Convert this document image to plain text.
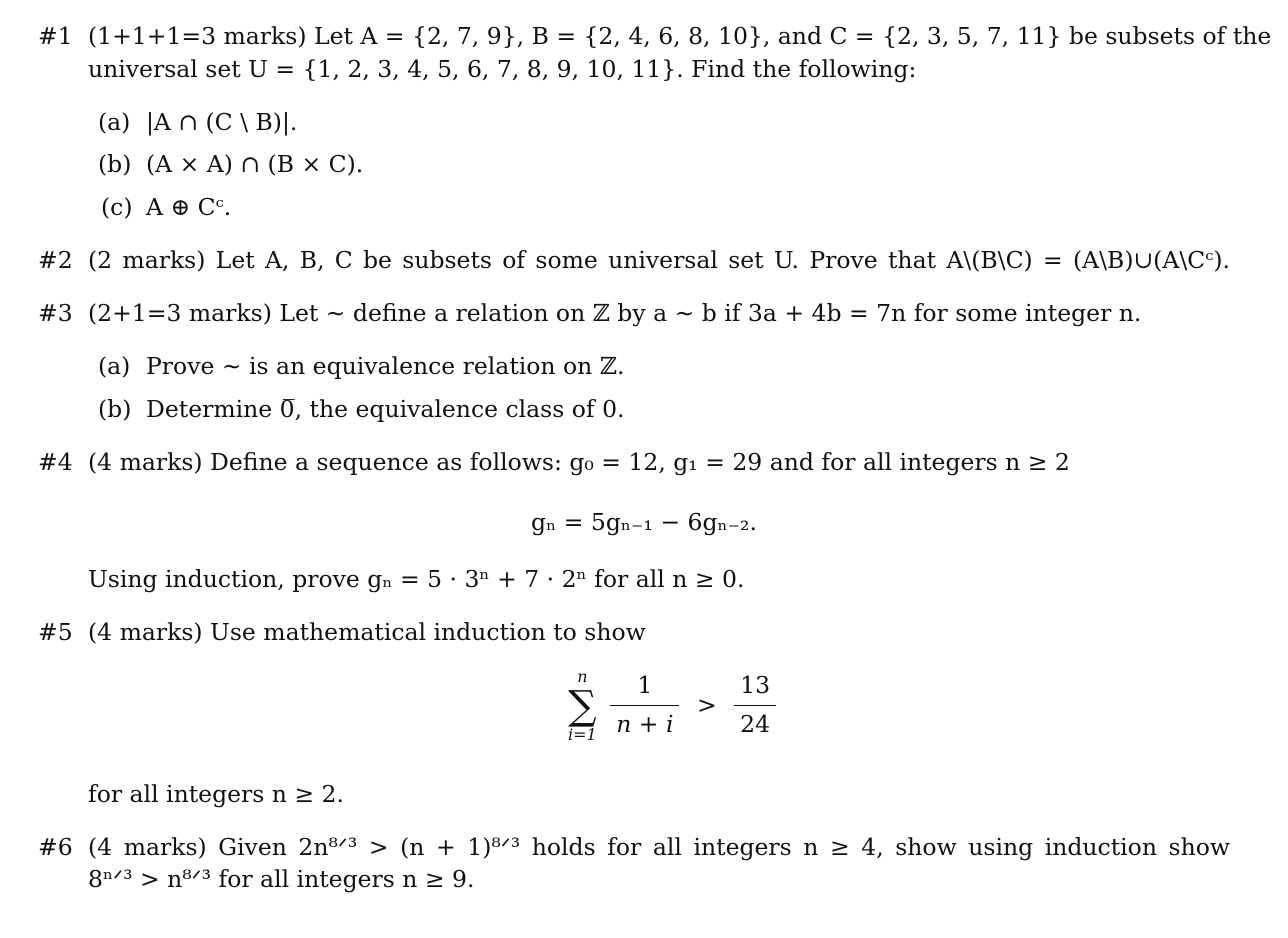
#1 (1+1+1=3 marks) Let A = {2, 7, 9}, B = {2, 4, 6, 8, 10}, and C = {2, 3, 5, 7, 11} be subsets of the
universal set U = {1, 2, 3, 4, 5, 6, 7, 8, 9, 10, 11}. Find the following:
(a) |A ∩ (C \ B)|.
(b) (A × A) ∩ (B × C).
(c) A ⊕ Cᶜ.
#2 (2 marks) Let A, B, C be subsets of some universal set U. Prove that A\(B\C) = (A\B)∪(A\Cᶜ).
#3 (2+1=3 marks) Let ∼ define a relation on ℤ by a ∼ b if 3a + 4b = 7n for some integer n.
(a) Prove ∼ is an equivalence relation on ℤ.
(b) Determine 0̅, the equivalence class of 0.
#4 (4 marks) Define a sequence as follows: g₀ = 12, g₁ = 29 and for all integers n ≥ 2
gₙ = 5gₙ₋₁ − 6gₙ₋₂.
Using induction, prove gₙ = 5 · 3ⁿ + 7 · 2ⁿ for all n ≥ 0.
#5 (4 marks) Use mathematical induction to show
n
∑
i=1
$\frac{1}{n + i} > \frac{13}{24}$
for all integers n ≥ 2.
#6 (4 marks) Given 2n⁸ᐟ³ > (n + 1)⁸ᐟ³ holds for all integers n ≥ 4, show using induction show
8ⁿᐟ³ > n⁸ᐟ³ for all integers n ≥ 9.
